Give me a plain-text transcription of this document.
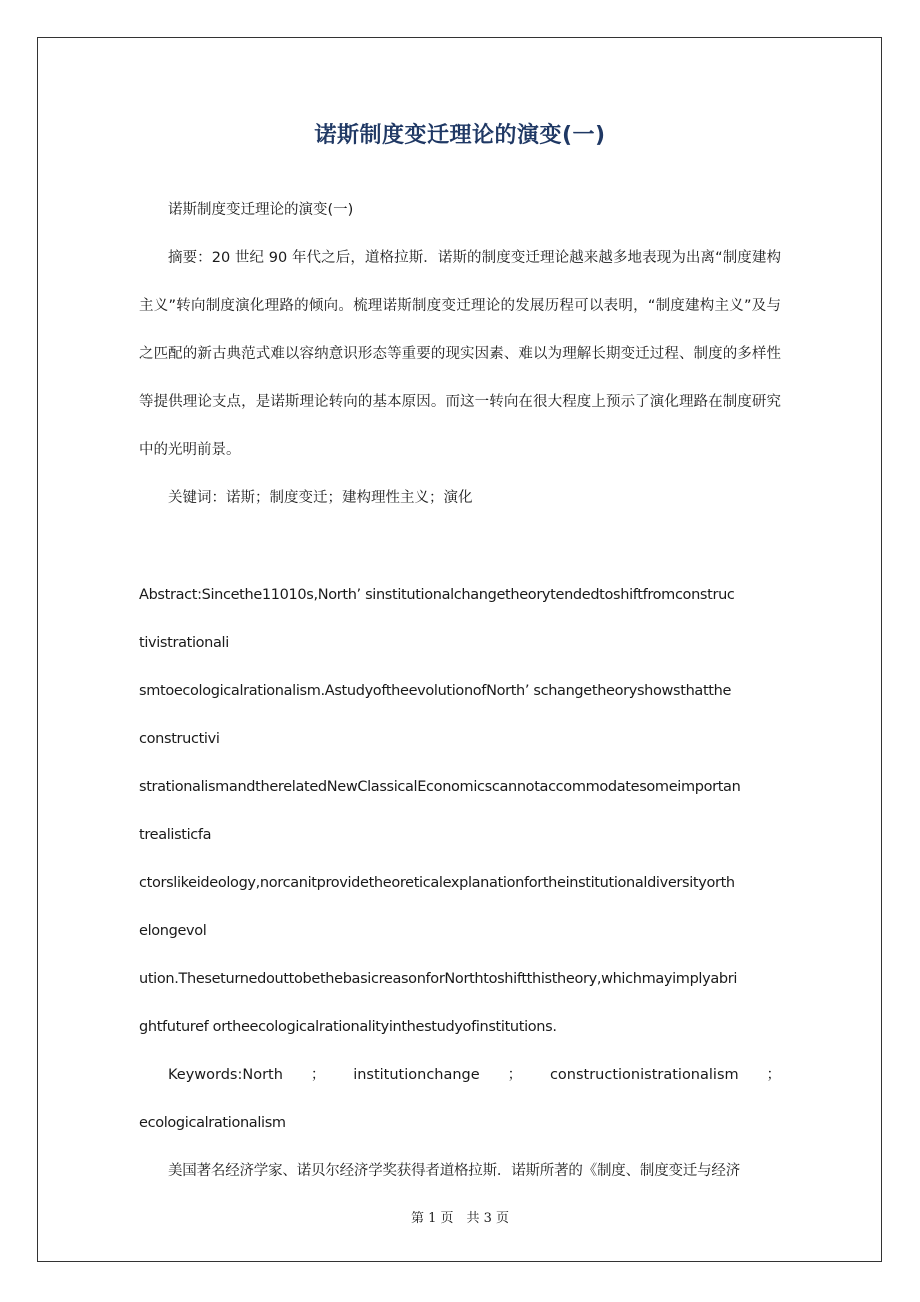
诺斯制度变迁理论的演变(一)

诺斯制度变迁理论的演变(一)

摘要：20 世纪 90 年代之后，道格拉斯．诺斯的制度变迁理论越来越多地表现为出离“制度建构主义”转向制度演化理路的倾向。梳理诺斯制度变迁理论的发展历程可以表明，“制度建构主义”及与之匹配的新古典范式难以容纳意识形态等重要的现实因素、难以为理解长期变迁过程、制度的多样性等提供理论支点，是诺斯理论转向的基本原因。而这一转向在很大程度上预示了演化理路在制度研究中的光明前景。

关键词：诺斯；制度变迁；建构理性主义；演化

Abstract:Sincethe11010s,North’ sinstitutionalchangetheorytendedtoshiftfromconstruc

tivistrationali

smtoecologicalrationalism.AstudyoftheevolutionofNorth’ schangetheoryshowsthatthe

constructivi

strationalismandtherelatedNewClassicalEconomicscannotaccommodatesomeimportan

trealisticfa

ctorslikeideology,norcanitprovidetheoreticalexplanationfortheinstitutionaldiversityorth

elongevol

ution.TheseturnedouttobethebasicreasonforNorthtoshiftthistheory,whichmayimplyabri

ghtfuturef ortheecologicalrationalityinthestudyofinstitutions.

Keywords:North ； institutionchange ； constructionistrationalism ；

ecologicalrationalism

美国著名经济学家、诺贝尔经济学奖获得者道格拉斯．诺斯所著的《制度、制度变迁与经济

第 1 页　共 3 页
